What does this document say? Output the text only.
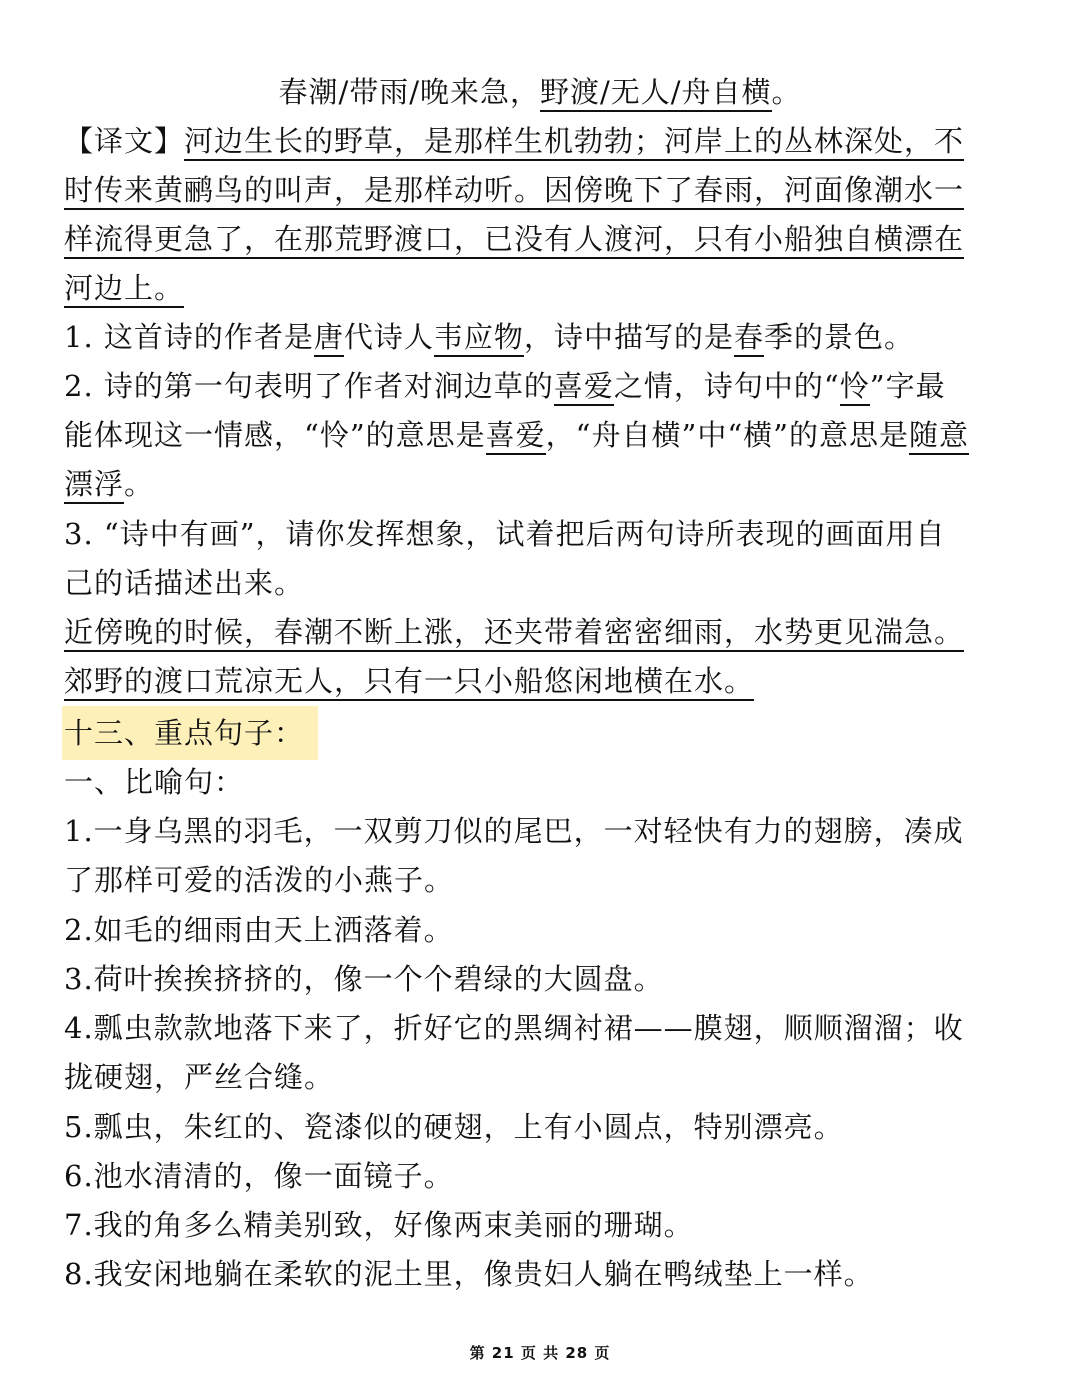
春潮/带雨/晚来急，野渡/无人/舟自横。
【译文】河边生长的野草，是那样生机勃勃；河岸上的丛林深处，不
时传来黄鹂鸟的叫声，是那样动听。因傍晚下了春雨，河面像潮水一
样流得更急了，在那荒野渡口，已没有人渡河，只有小船独自横漂在
河边上。
1. 这首诗的作者是唐代诗人韦应物，诗中描写的是春季的景色。
2. 诗的第一句表明了作者对涧边草的喜爱之情，诗句中的“怜”字最
能体现这一情感，“怜”的意思是喜爱，“舟自横”中“横”的意思是随意
漂浮。
3. “诗中有画”，请你发挥想象，试着把后两句诗所表现的画面用自
己的话描述出来。
近傍晚的时候，春潮不断上涨，还夹带着密密细雨，水势更见湍急。
郊野的渡口荒凉无人，只有一只小船悠闲地横在水。
十三、重点句子：
一、比喻句：
1.一身乌黑的羽毛，一双剪刀似的尾巴，一对轻快有力的翅膀，凑成
了那样可爱的活泼的小燕子。
2.如毛的细雨由天上洒落着。
3.荷叶挨挨挤挤的，像一个个碧绿的大圆盘。
4.瓢虫款款地落下来了，折好它的黑绸衬裙——膜翅，顺顺溜溜；收
拢硬翅，严丝合缝。
5.瓢虫，朱红的、瓷漆似的硬翅，上有小圆点，特别漂亮。
6.池水清清的，像一面镜子。
7.我的角多么精美别致，好像两束美丽的珊瑚。
8.我安闲地躺在柔软的泥土里，像贵妇人躺在鸭绒垫上一样。
第 21 页 共 28 页
